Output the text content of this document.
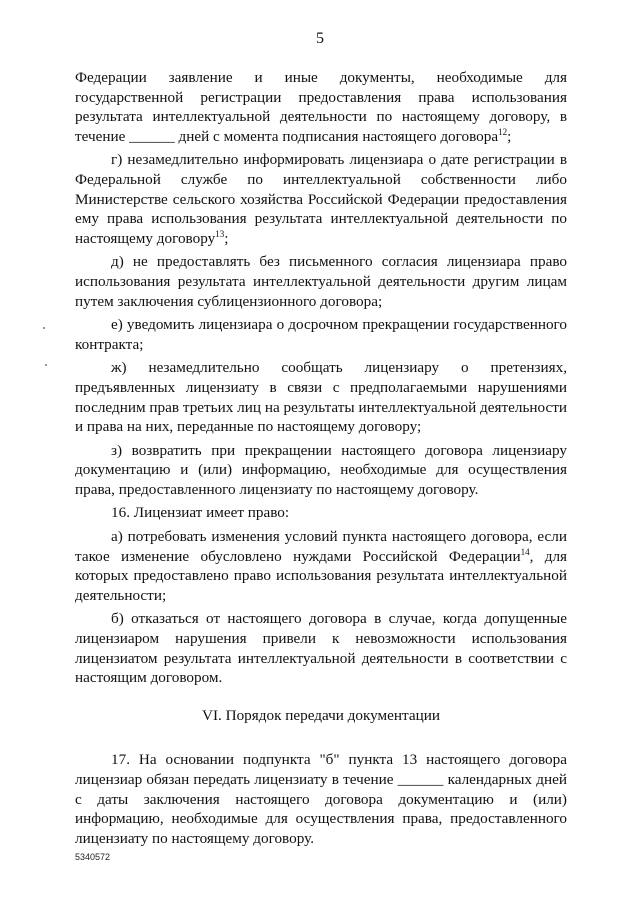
5

Федерации заявление и иные документы, необходимые для государственной регистрации предоставления права использования результата интеллектуальной деятельности по настоящему договору, в течение ______ дней с момента подписания настоящего договора$^{12}$;

г) незамедлительно информировать лицензиара о дате регистрации в Федеральной службе по интеллектуальной собственности либо Министерстве сельского хозяйства Российской Федерации предоставления ему права использования результата интеллектуальной деятельности по настоящему договору$^{13}$;

д) не предоставлять без письменного согласия лицензиара право использования результата интеллектуальной деятельности другим лицам путем заключения сублицензионного договора;

е) уведомить лицензиара о досрочном прекращении государственного контракта;

ж) незамедлительно сообщать лицензиару о претензиях, предъявленных лицензиату в связи с предполагаемыми нарушениями последним прав третьих лиц на результаты интеллектуальной деятельности и права на них, переданные по настоящему договору;

з) возвратить при прекращении настоящего договора лицензиару документацию и (или) информацию, необходимые для осуществления права, предоставленного лицензиату по настоящему договору.

16. Лицензиат имеет право:

а) потребовать изменения условий пункта настоящего договора, если такое изменение обусловлено нуждами Российской Федерации$^{14}$, для которых предоставлено право использования результата интеллектуальной деятельности;

б) отказаться от настоящего договора в случае, когда допущенные лицензиаром нарушения привели к невозможности использования лицензиатом результата интеллектуальной деятельности в соответствии с настоящим договором.

VI. Порядок передачи документации

17. На основании подпункта "б" пункта 13 настоящего договора лицензиар обязан передать лицензиату в течение ______ календарных дней с даты заключения настоящего договора документацию и (или) информацию, необходимые для осуществления права, предоставленного лицензиату по настоящему договору.

5340572
